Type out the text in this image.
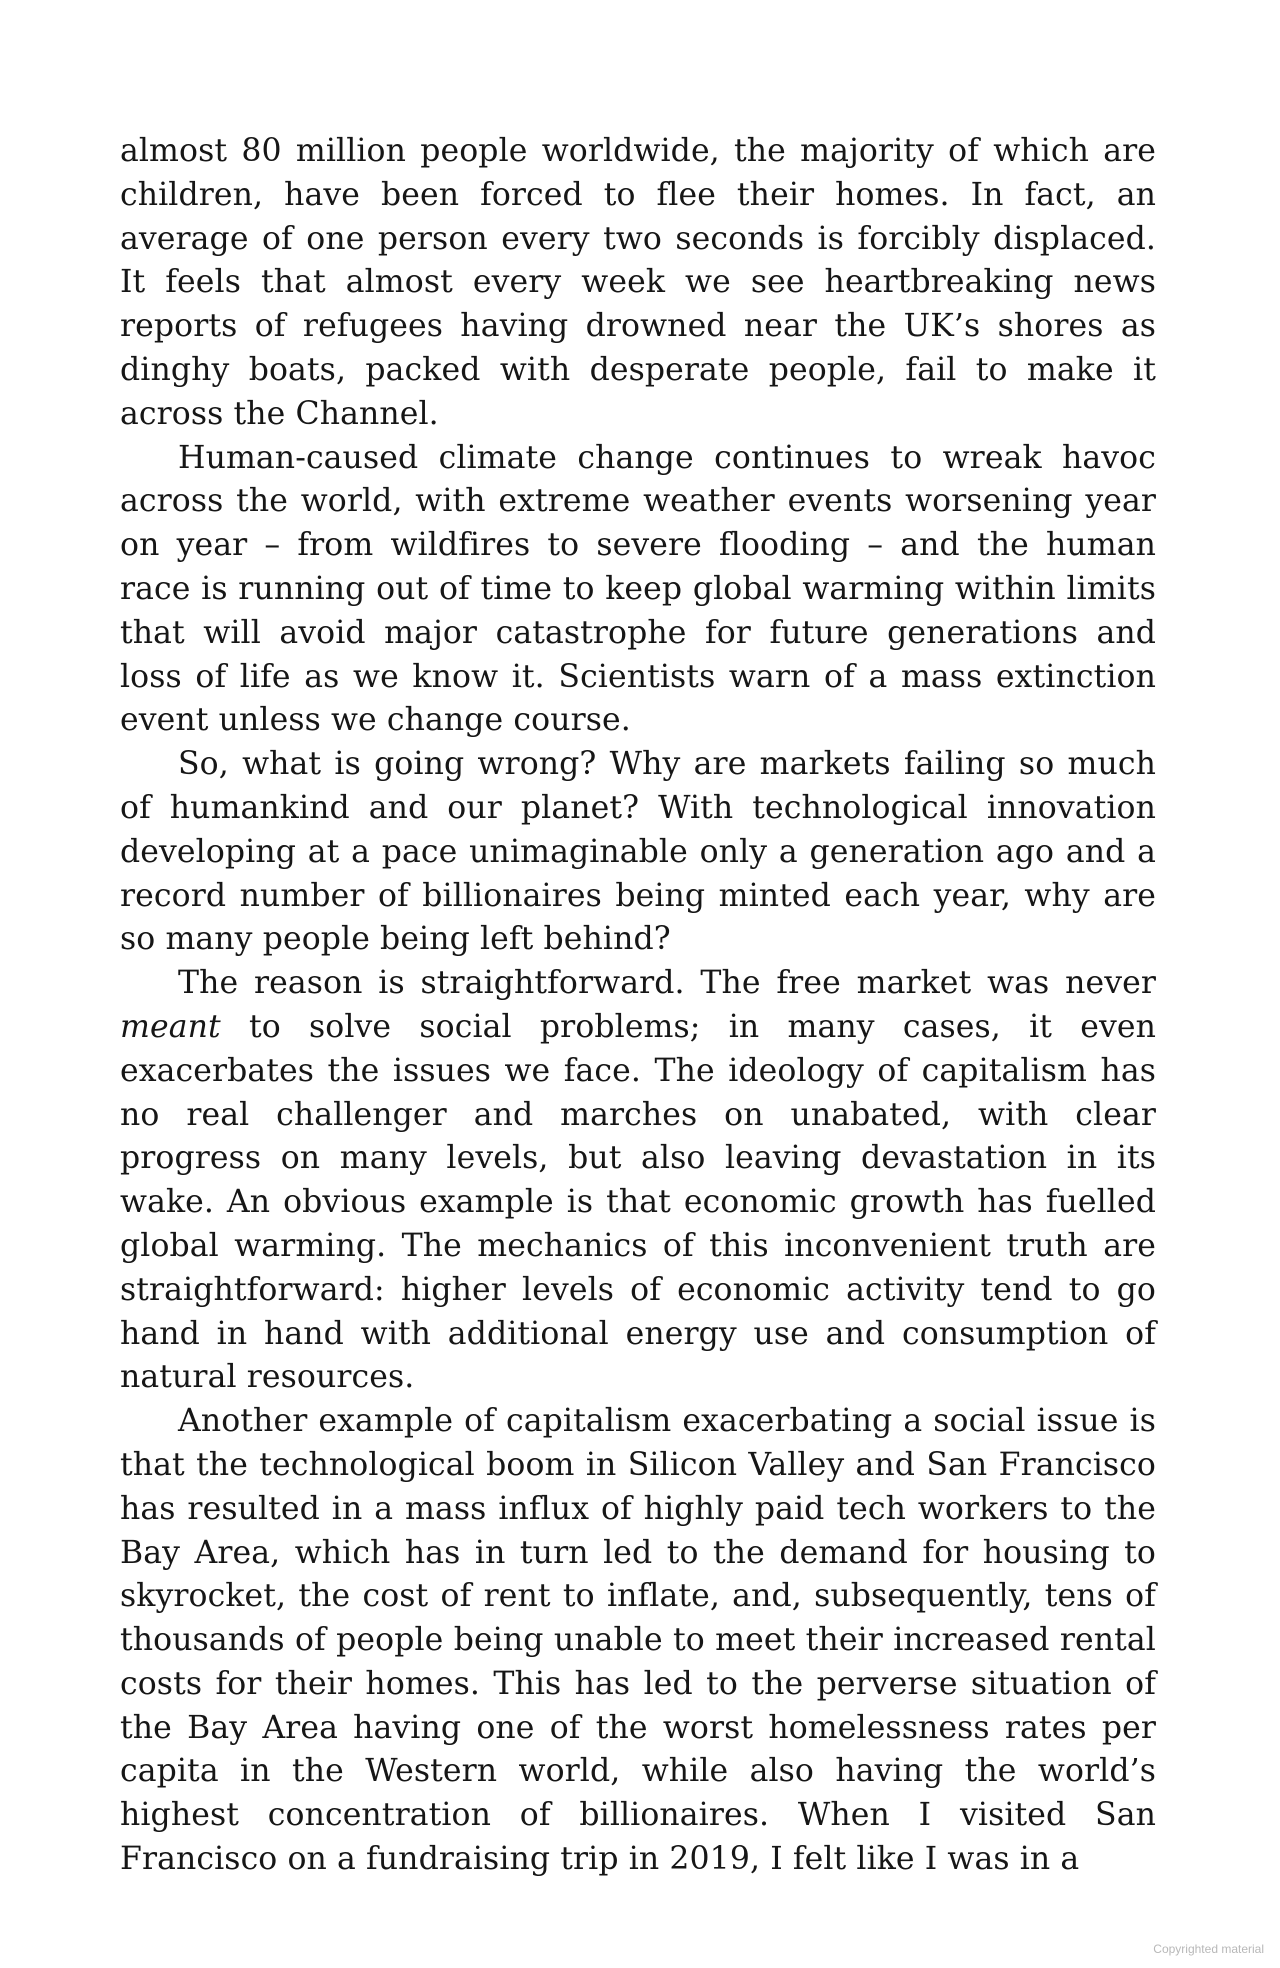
almost 80 million people worldwide, the majority of which are children, have been forced to flee their homes. In fact, an average of one person every two seconds is forcibly displaced. It feels that almost every week we see heartbreaking news reports of refugees having drowned near the UK’s shores as dinghy boats, packed with desperate people, fail to make it across the Channel.

Human-caused climate change continues to wreak havoc across the world, with extreme weather events worsening year on year – from wildfires to severe flooding – and the human race is running out of time to keep global warming within limits that will avoid major catastrophe for future generations and loss of life as we know it. Scientists warn of a mass extinction event unless we change course.

So, what is going wrong? Why are markets failing so much of humankind and our planet? With technological innovation developing at a pace unimaginable only a generation ago and a record number of billionaires being minted each year, why are so many people being left behind?

The reason is straightforward. The free market was never meant to solve social problems; in many cases, it even exacerbates the issues we face. The ideology of capitalism has no real challenger and marches on unabated, with clear progress on many levels, but also leaving devastation in its wake. An obvious example is that economic growth has fuelled global warming. The mechanics of this inconvenient truth are straightforward: higher levels of economic activity tend to go hand in hand with additional energy use and consumption of natural resources.

Another example of capitalism exacerbating a social issue is that the technological boom in Silicon Valley and San Francisco has resulted in a mass influx of highly paid tech workers to the Bay Area, which has in turn led to the demand for housing to skyrocket, the cost of rent to inflate, and, subsequently, tens of thousands of people being unable to meet their increased rental costs for their homes. This has led to the perverse situation of the Bay Area having one of the worst homelessness rates per capita in the Western world, while also having the world’s highest concentration of billionaires. When I visited San Francisco on a fundraising trip in 2019, I felt like I was in a

Copyrighted material
